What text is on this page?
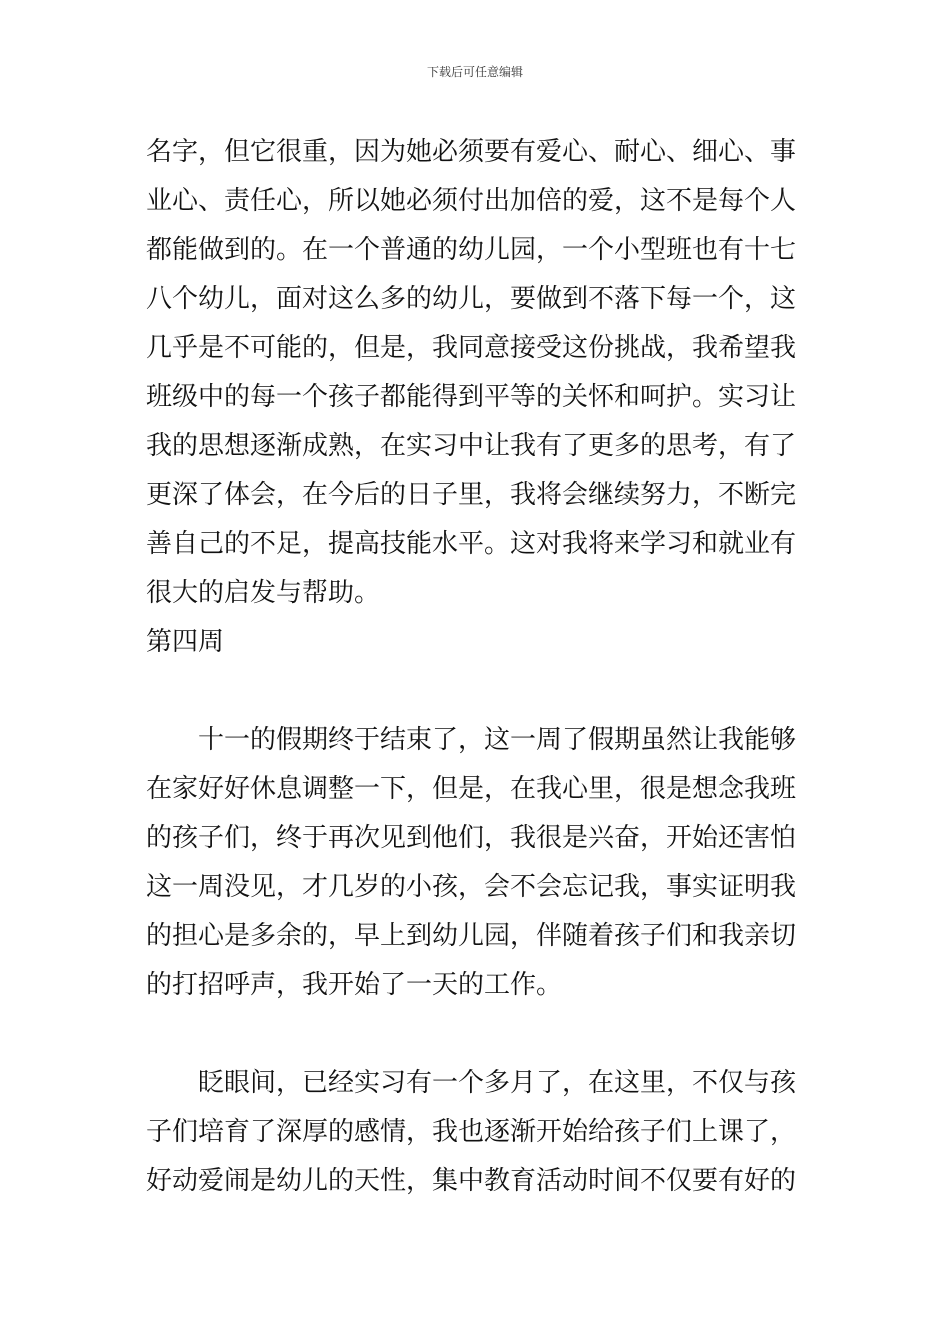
下载后可任意编辑
名字，但它很重，因为她必须要有爱心、耐心、细心、事
业心、责任心，所以她必须付出加倍的爱，这不是每个人
都能做到的。在一个普通的幼儿园，一个小型班也有十七
八个幼儿，面对这么多的幼儿，要做到不落下每一个，这
几乎是不可能的，但是，我同意接受这份挑战，我希望我
班级中的每一个孩子都能得到平等的关怀和呵护。实习让
我的思想逐渐成熟，在实习中让我有了更多的思考，有了
更深了体会，在今后的日子里，我将会继续努力，不断完
善自己的不足，提高技能水平。这对我将来学习和就业有
很大的启发与帮助。
第四周
十一的假期终于结束了，这一周了假期虽然让我能够
在家好好休息调整一下，但是，在我心里，很是想念我班
的孩子们，终于再次见到他们，我很是兴奋，开始还害怕
这一周没见，才几岁的小孩，会不会忘记我，事实证明我
的担心是多余的，早上到幼儿园，伴随着孩子们和我亲切
的打招呼声，我开始了一天的工作。
眨眼间，已经实习有一个多月了，在这里，不仅与孩
子们培育了深厚的感情，我也逐渐开始给孩子们上课了，
好动爱闹是幼儿的天性，集中教育活动时间不仅要有好的
